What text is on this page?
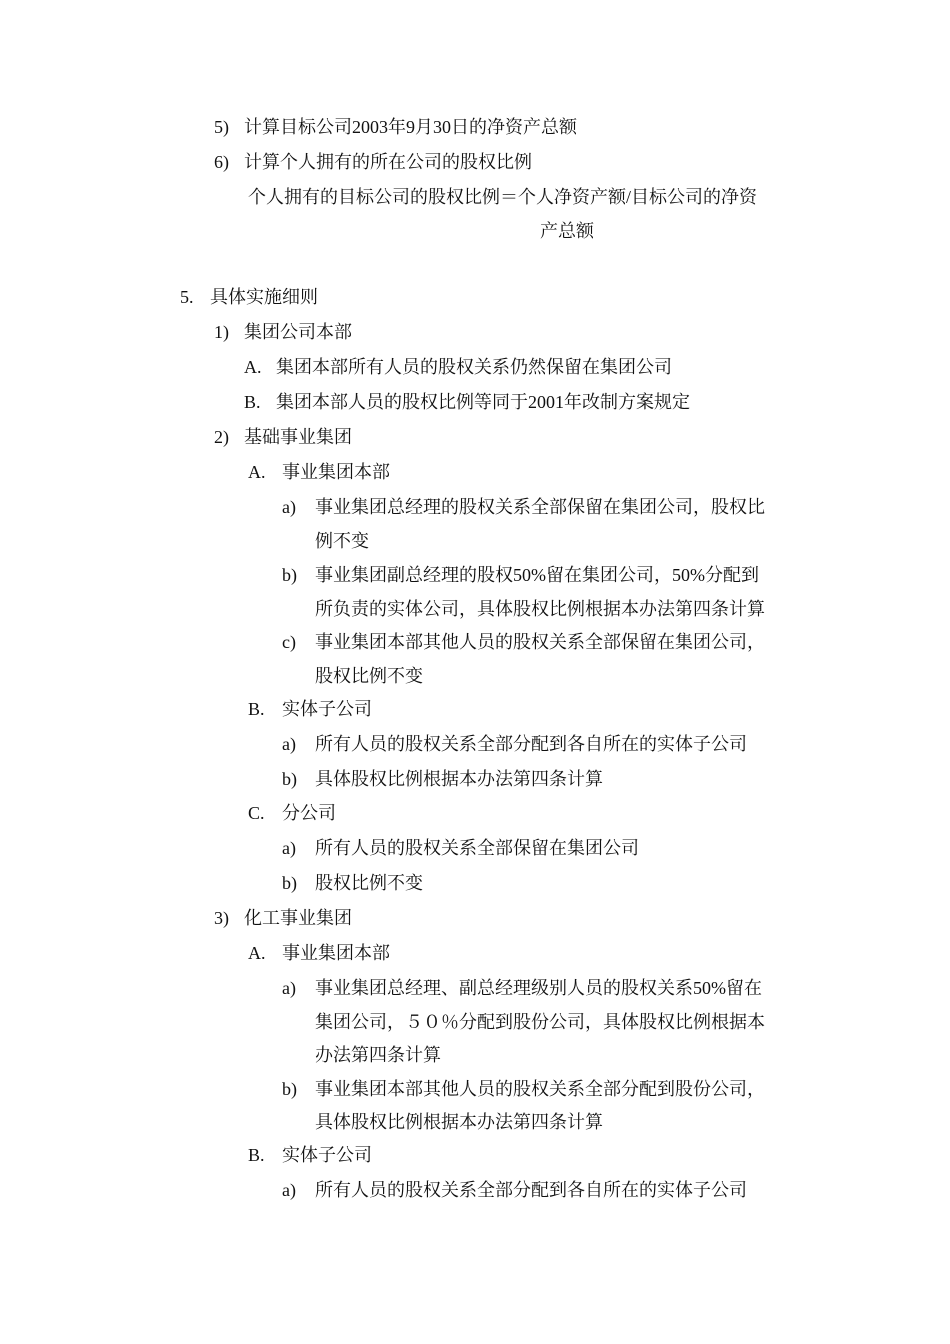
5) 计算目标公司2003年9月30日的净资产总额
6) 计算个人拥有的所在公司的股权比例
个人拥有的目标公司的股权比例＝个人净资产额/目标公司的净资
产总额
5. 具体实施细则
1) 集团公司本部
A. 集团本部所有人员的股权关系仍然保留在集团公司
B. 集团本部人员的股权比例等同于2001年改制方案规定
2) 基础事业集团
A. 事业集团本部
a) 事业集团总经理的股权关系全部保留在集团公司，股权比
例不变
b) 事业集团副总经理的股权50%留在集团公司，50%分配到
所负责的实体公司，具体股权比例根据本办法第四条计算
c) 事业集团本部其他人员的股权关系全部保留在集团公司，
股权比例不变
B. 实体子公司
a) 所有人员的股权关系全部分配到各自所在的实体子公司
b) 具体股权比例根据本办法第四条计算
C. 分公司
a) 所有人员的股权关系全部保留在集团公司
b) 股权比例不变
3) 化工事业集团
A. 事业集团本部
a) 事业集团总经理、副总经理级别人员的股权关系50%留在
集团公司，５０％分配到股份公司，具体股权比例根据本
办法第四条计算
b) 事业集团本部其他人员的股权关系全部分配到股份公司，
具体股权比例根据本办法第四条计算
B. 实体子公司
a) 所有人员的股权关系全部分配到各自所在的实体子公司
